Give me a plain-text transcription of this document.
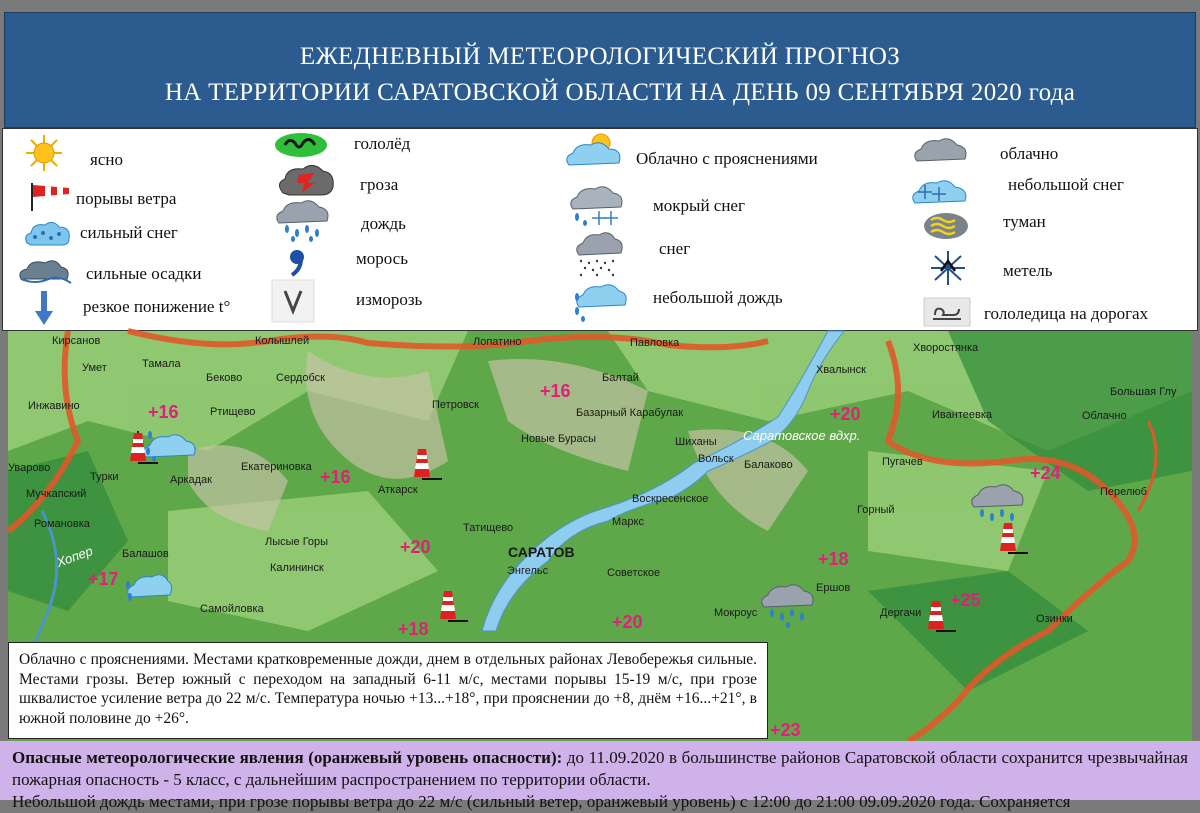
ЕЖЕДНЕВНЫЙ МЕТЕОРОЛОГИЧЕСКИЙ ПРОГНОЗ
НА ТЕРРИТОРИИ САРАТОВСКОЙ ОБЛАСТИ НА ДЕНЬ 09 СЕНТЯБРЯ 2020 года
ясно
порывы ветра
сильный снег
сильные осадки
резкое понижение t°
гололёд
гроза
дождь
морось
изморозь
Облачно с прояснениями
мокрый снег
снег
небольшой дождь
облачно
небольшой снег
туман
метель
гололедица на дорогах
Кирсанов	Колышлей	Лопатино	Павловка	Хворостянка
Умет	Тамала
Беково	Сердобск	Балтай
Хвалынск
Большая Глу
Инжавино	Ртищево
Петровск
Базарный Карабулак	Ивантеевка	Облачно
Новые Бурасы	Шиханы
Вольск Балаково	Пугачев
Уварово
Турки	Аркадак
Екатериновка
Аткарск
Мучкапский	Воскресенское
Маркс
Горный
Перелюб
Романовка	Татищево
Балашов
Лысые Горы
САРАТОВ
Калининск	Энгельс	Советское
Ершов
Самойловка	Мокроус	Дергачи	Озинки
Саратовское вдхр.
Хопер
+16
+16	+20
+16	+24
+20
+18
+17
+25
+18	+20
+23
Облачно с прояснениями. Местами кратковременные дожди, днем в отдельных районах Левобережья сильные. Местами грозы. Ветер южный с переходом на западный 6-11 м/с, местами порывы 15-19 м/с, при грозе шквалистое усиление ветра до 22 м/с. Температура ночью +13...+18°, при прояснении до +8, днём +16...+21°, в южной половине до +26°.
Опасные метеорологические явления (оранжевый уровень опасности): до 11.09.2020 в большинстве районов Саратовской области сохранится чрезвычайная пожарная опасность - 5 класс, с дальнейшим распространением по территории области.
Небольшой дождь местами, при грозе порывы ветра до 22 м/с (сильный ветер, оранжевый уровень) с 12:00 до 21:00 09.09.2020 года. Сохраняется
